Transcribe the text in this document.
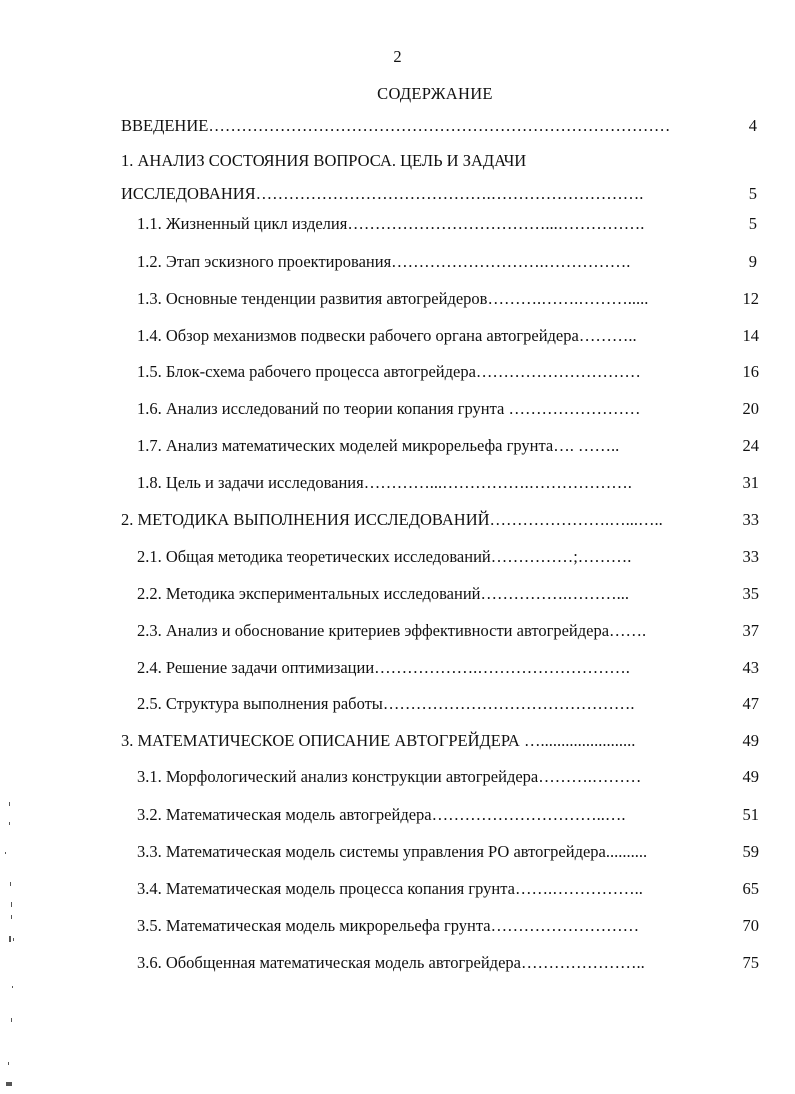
2
СОДЕРЖАНИЕ
ВВЕДЕНИЕ…………………………………………………………………………	4
1. АНАЛИЗ СОСТОЯНИЯ ВОПРОСА. ЦЕЛЬ И ЗАДАЧИ
ИССЛЕДОВАНИЯ…………………………………….……………………….	5
1.1. Жизненный цикл изделия………………………………...…………….	5
1.2. Этап эскизного проектирования……………………….…………….	9
1.3. Основные тенденции развития автогрейдеров……….…….……….....	12
1.4. Обзор механизмов подвески рабочего органа автогрейдера………..	14
1.5. Блок-схема рабочего процесса автогрейдера…………………………	16
1.6. Анализ исследований по теории копания грунта ……………………	20
1.7. Анализ математических моделей микрорельефа грунта…. ……..	24
1.8. Цель и задачи исследования…………...…………….……………….	31
2. МЕТОДИКА ВЫПОЛНЕНИЯ ИССЛЕДОВАНИЙ………………….…...…..	33
2.1. Общая методика теоретических исследований……………;……….	33
2.2. Методика экспериментальных исследований…………….………...	35
2.3. Анализ и обоснование критериев эффективности автогрейдера…….	37
2.4. Решение задачи оптимизации……………….……………………….	43
2.5. Структура выполнения работы……………………………………….	47
3. МАТЕМАТИЧЕСКОЕ ОПИСАНИЕ АВТОГРЕЙДЕРА ….......................	49
3.1. Морфологический анализ конструкции автогрейдера……….………	49
3.2. Математическая модель автогрейдера…………………………..….	51
3.3. Математическая модель системы управления РО автогрейдера..........	59
3.4. Математическая модель процесса копания грунта…….……………..	65
3.5. Математическая модель микрорельефа грунта………………………	70
3.6. Обобщенная математическая модель автогрейдера…………………..	75
